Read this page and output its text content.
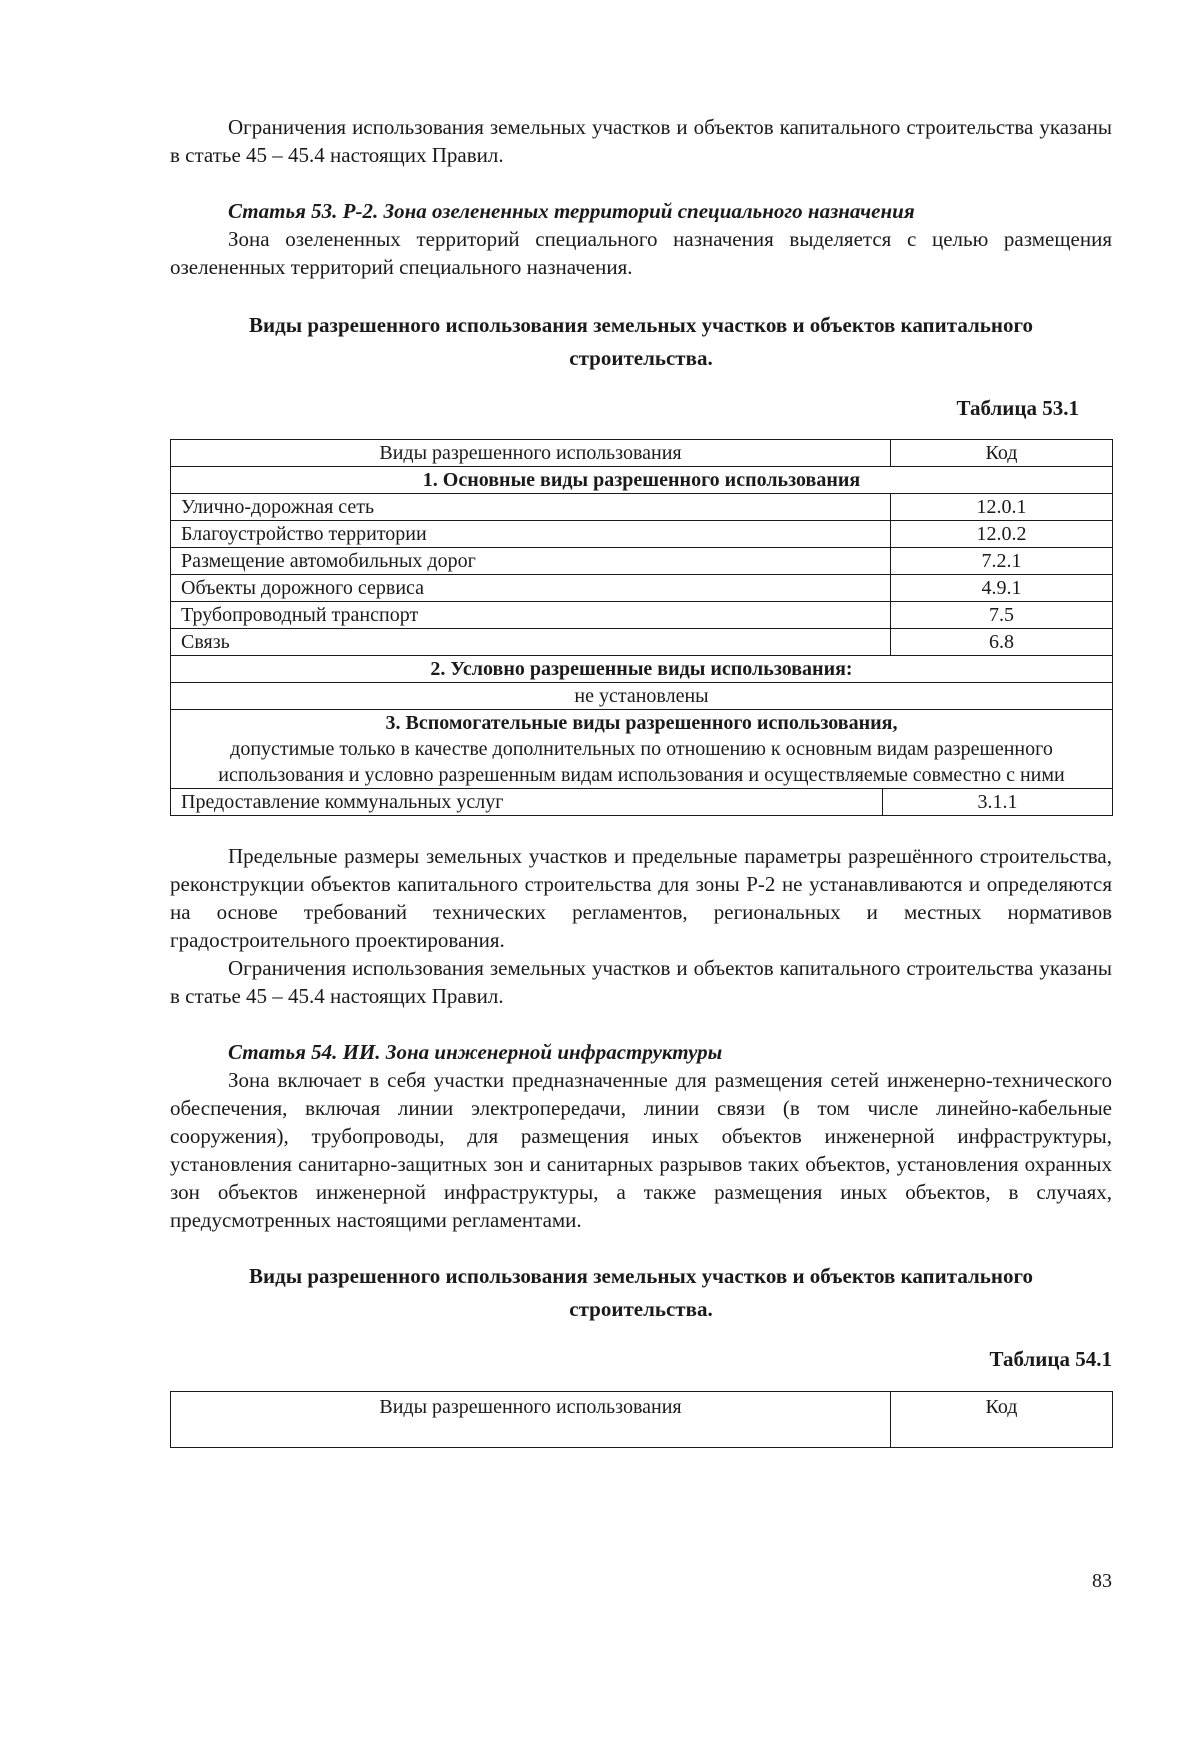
Ограничения использования земельных участков и объектов капитального строительства указаны в статье 45 – 45.4 настоящих Правил.

Статья 53. Р-2. Зона озелененных территорий специального назначения

Зона озелененных территорий специального назначения выделяется с целью размещения озелененных территорий специального назначения.

Виды разрешенного использования земельных участков и объектов капитального строительства.

Таблица 53.1

Виды разрешенного использования	Код
1. Основные виды разрешенного использования	
Улично-дорожная сеть	12.0.1
Благоустройство территории	12.0.2
Размещение автомобильных дорог	7.2.1
Объекты дорожного сервиса	4.9.1
Трубопроводный транспорт	7.5
Связь	6.8
2. Условно разрешенные виды использования:	
не установлены	

3. Вспомогательные виды разрешенного использования,
допустимые только в качестве дополнительных по отношению к основным видам разрешенного использования и условно разрешенным видам использования и осуществляемые совместно с ними	
Предоставление коммунальных услуг	3.1.1

Предельные размеры земельных участков и предельные параметры разрешённого строительства, реконструкции объектов капитального строительства для зоны Р-2 не устанавливаются и определяются на основе требований технических регламентов, региональных и местных нормативов градостроительного проектирования.

Ограничения использования земельных участков и объектов капитального строительства указаны в статье 45 – 45.4 настоящих Правил.

Статья 54. ИИ. Зона инженерной инфраструктуры

Зона включает в себя участки предназначенные для размещения сетей инженерно-технического обеспечения, включая линии электропередачи, линии связи (в том числе линейно-кабельные сооружения), трубопроводы, для размещения иных объектов инженерной инфраструктуры, установления санитарно-защитных зон и санитарных разрывов таких объектов, установления охранных зон объектов инженерной инфраструктуры, а также размещения иных объектов, в случаях, предусмотренных настоящими регламентами.

Виды разрешенного использования земельных участков и объектов капитального строительства.

Таблица 54.1

Виды разрешенного использования	Код
83
